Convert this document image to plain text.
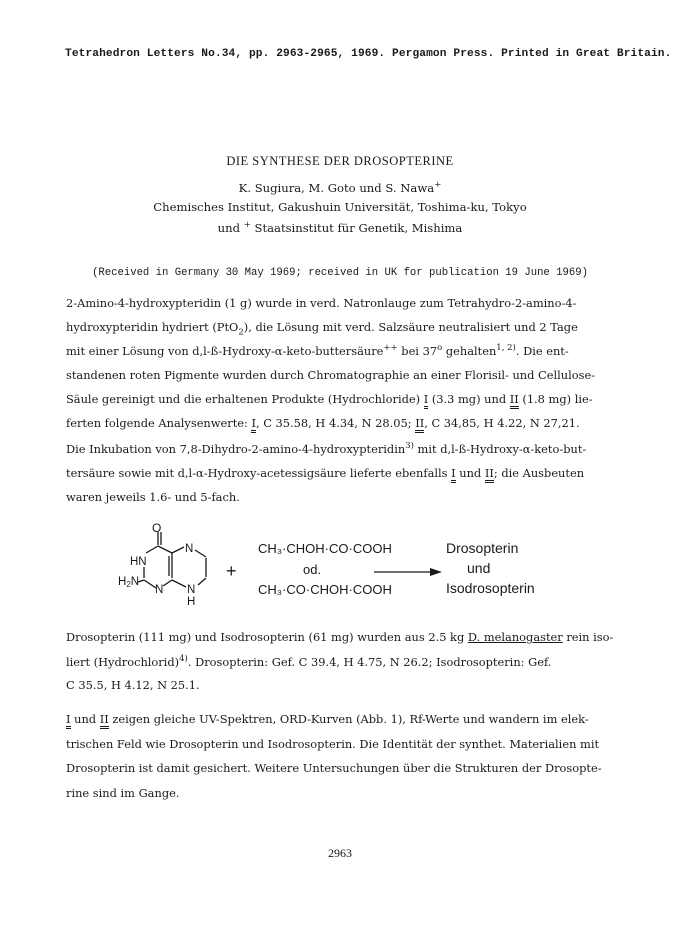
Tetrahedron Letters No.34, pp. 2963-2965, 1969. Pergamon Press. Printed in Great Britain.
DIE SYNTHESE DER DROSOPTERINE
K. Sugiura, M. Goto und S. Nawa+
Chemisches Institut, Gakushuin Universität, Toshima-ku, Tokyo
und + Staatsinstitut für Genetik, Mishima
(Received in Germany 30 May 1969; received in UK for publication 19 June 1969)
2-Amino-4-hydroxypteridin (1 g) wurde in verd. Natronlauge zum Tetrahydro-2-amino-4-
hydroxypteridin hydriert (PtO$_2$), die Lösung mit verd. Salzsäure neutralisiert und 2 Tage
mit einer Lösung von d,l-ß-Hydroxy-α-keto-buttersäure++ bei 37$^o$ gehalten$^{1, 2)}$. Die ent-
standenen roten Pigmente wurden durch Chromatographie an einer Florisil- und Cellulose-
Säule gereinigt und die erhaltenen Produkte (Hydrochloride) I (3.3 mg) und II (1.8 mg) lie-
ferten folgende Analysenwerte: I, C 35.58, H 4.34, N 28.05; II, C 34,85, H 4.22, N 27,21.
Die Inkubation von 7,8-Dihydro-2-amino-4-hydroxypteridin$^{3)}$ mit d,l-ß-Hydroxy-α-keto-but-
tersäure sowie mit d,l-α-Hydroxy-acetessigsäure lieferte ebenfalls I und II; die Ausbeuten
waren jeweils 1.6- und 5-fach.
O
HN
H2N
N
N
N
H
+
CH₃·CHOH·CO·COOH
od.
CH₃·CO·CHOH·COOH
Drosopterin
und
Isodrosopterin
Drosopterin (111 mg) und Isodrosopterin (61 mg) wurden aus 2.5 kg D. melanogaster rein iso-
liert (Hydrochlorid)$^{4)}$. Drosopterin: Gef. C 39.4, H 4.75, N 26.2; Isodrosopterin: Gef.
C 35.5, H 4.12, N 25.1.
I und II zeigen gleiche UV-Spektren, ORD-Kurven (Abb. 1), Rf-Werte und wandern im elek-
trischen Feld wie Drosopterin und Isodrosopterin. Die Identität der synthet. Materialien mit
Drosopterin ist damit gesichert. Weitere Untersuchungen über die Strukturen der Drosopte-
rine sind im Gange.
2963
